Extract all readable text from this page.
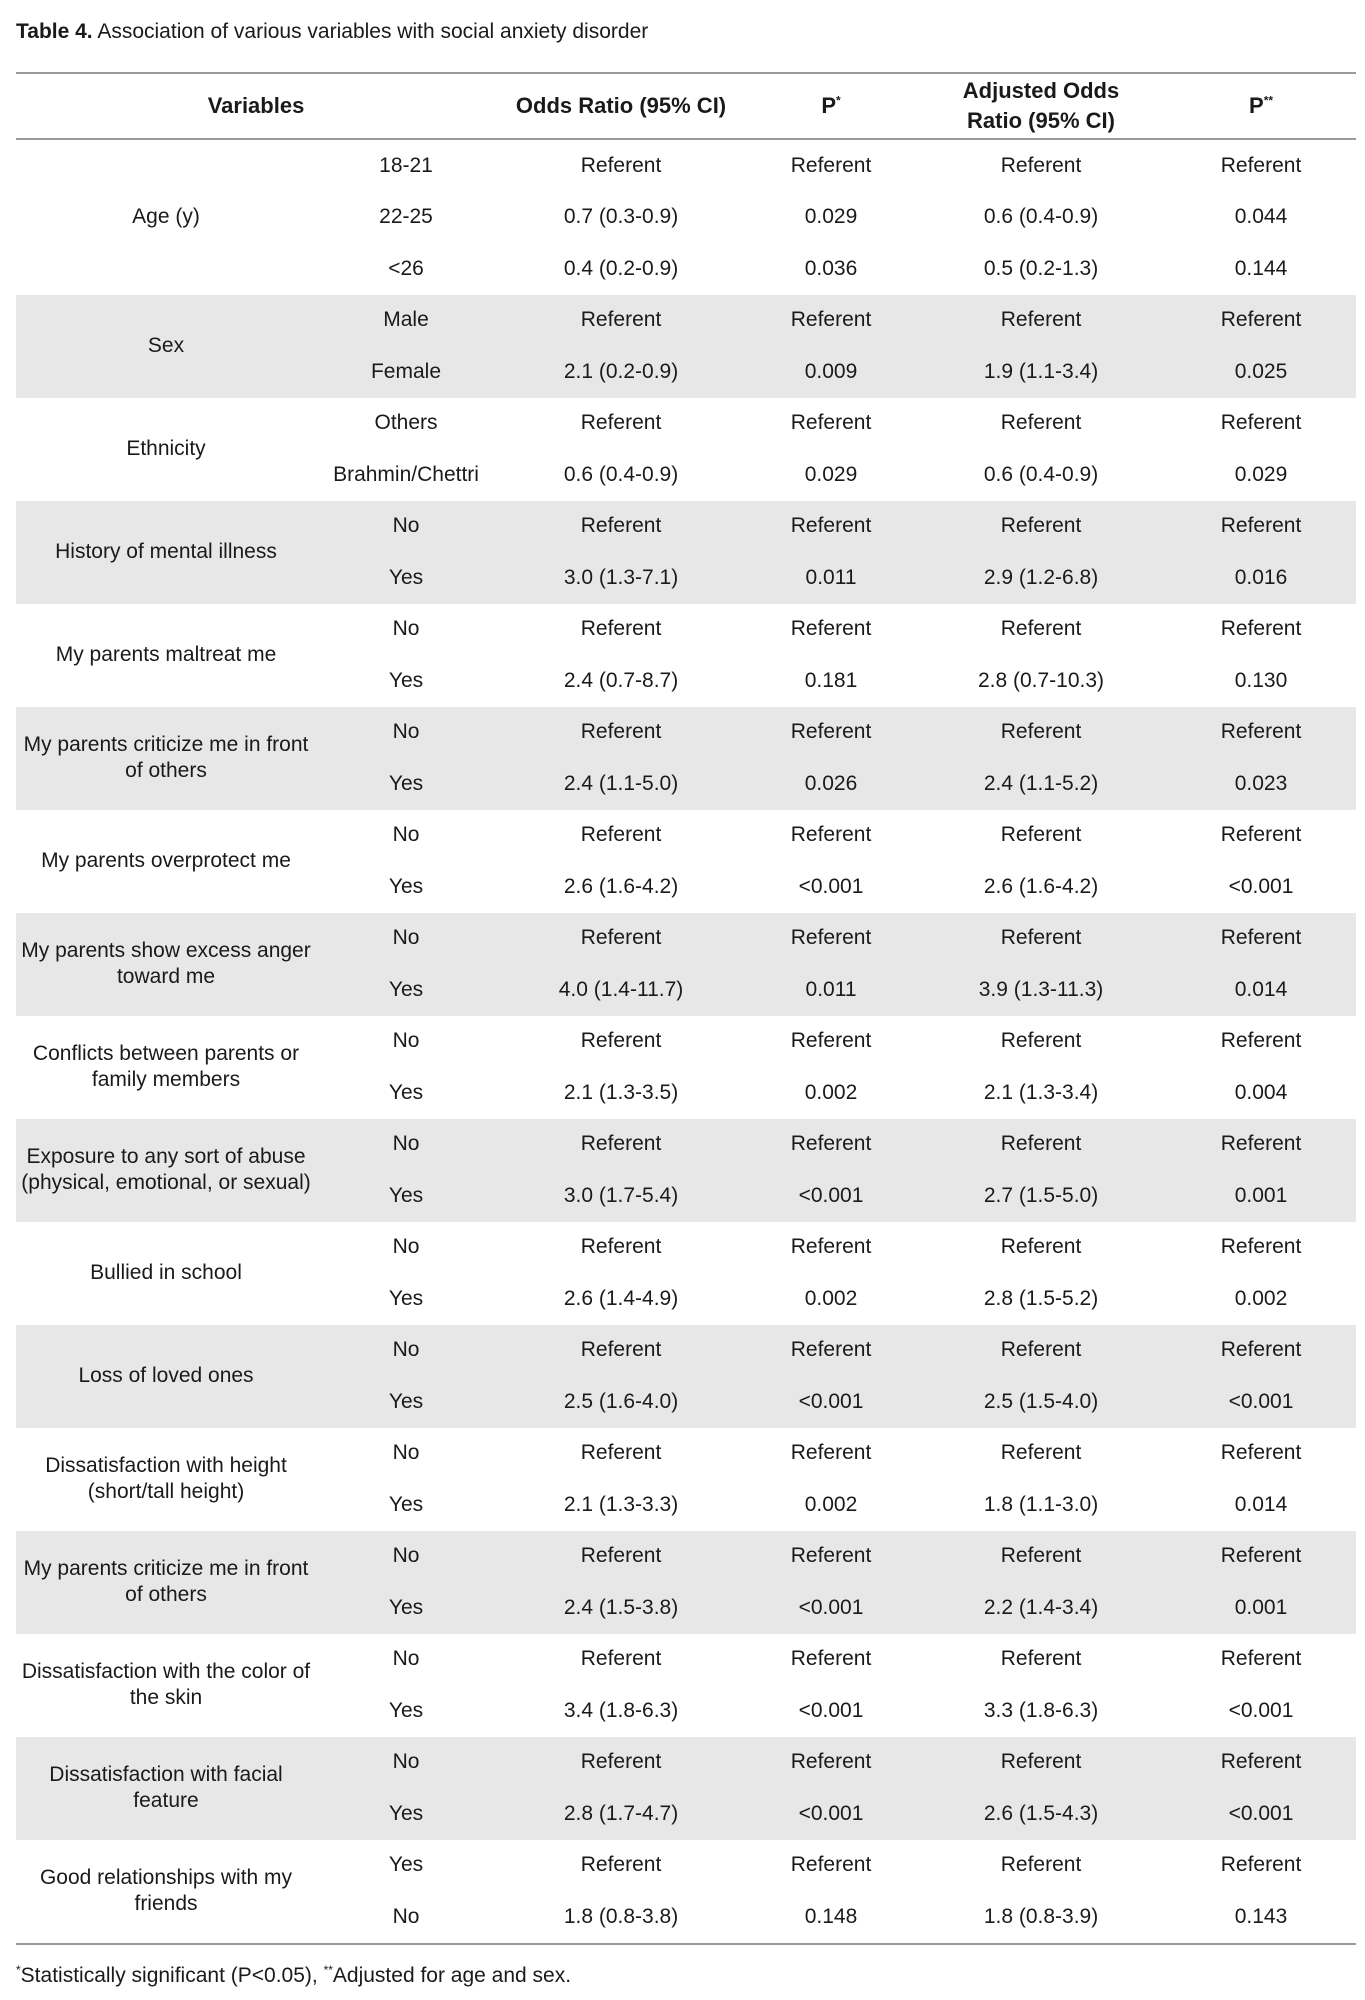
Table 4. Association of various variables with social anxiety disorder
Variables		Odds Ratio (95% CI)	P*	Adjusted Odds
Ratio (95% CI)	P**
Age (y)	18-21	Referent	Referent	Referent	Referent
	22-25	0.7 (0.3-0.9)	0.029	0.6 (0.4-0.9)	0.044
	<26	0.4 (0.2-0.9)	0.036	0.5 (0.2-1.3)	0.144
Sex	Male	Referent	Referent	Referent	Referent
	Female	2.1 (0.2-0.9)	0.009	1.9 (1.1-3.4)	0.025
Ethnicity	Others	Referent	Referent	Referent	Referent
	Brahmin/Chettri	0.6 (0.4-0.9)	0.029	0.6 (0.4-0.9)	0.029
History of mental illness	No	Referent	Referent	Referent	Referent
	Yes	3.0 (1.3-7.1)	0.011	2.9 (1.2-6.8)	0.016
My parents maltreat me	No	Referent	Referent	Referent	Referent
	Yes	2.4 (0.7-8.7)	0.181	2.8 (0.7-10.3)	0.130
My parents criticize me in front of others	No	Referent	Referent	Referent	Referent
	Yes	2.4 (1.1-5.0)	0.026	2.4 (1.1-5.2)	0.023
My parents overprotect me	No	Referent	Referent	Referent	Referent
	Yes	2.6 (1.6-4.2)	<0.001	2.6 (1.6-4.2)	<0.001
My parents show excess anger toward me	No	Referent	Referent	Referent	Referent
	Yes	4.0 (1.4-11.7)	0.011	3.9 (1.3-11.3)	0.014
Conflicts between parents or family members	No	Referent	Referent	Referent	Referent
	Yes	2.1 (1.3-3.5)	0.002	2.1 (1.3-3.4)	0.004
Exposure to any sort of abuse (physical, emotional, or sexual)	No	Referent	Referent	Referent	Referent
	Yes	3.0 (1.7-5.4)	<0.001	2.7 (1.5-5.0)	0.001
Bullied in school	No	Referent	Referent	Referent	Referent
	Yes	2.6 (1.4-4.9)	0.002	2.8 (1.5-5.2)	0.002
Loss of loved ones	No	Referent	Referent	Referent	Referent
	Yes	2.5 (1.6-4.0)	<0.001	2.5 (1.5-4.0)	<0.001
Dissatisfaction with height (short/tall height)	No	Referent	Referent	Referent	Referent
	Yes	2.1 (1.3-3.3)	0.002	1.8 (1.1-3.0)	0.014
My parents criticize me in front of others	No	Referent	Referent	Referent	Referent
	Yes	2.4 (1.5-3.8)	<0.001	2.2 (1.4-3.4)	0.001
Dissatisfaction with the color of the skin	No	Referent	Referent	Referent	Referent
	Yes	3.4 (1.8-6.3)	<0.001	3.3 (1.8-6.3)	<0.001
Dissatisfaction with facial feature	No	Referent	Referent	Referent	Referent
	Yes	2.8 (1.7-4.7)	<0.001	2.6 (1.5-4.3)	<0.001
Good relationships with my friends	Yes	Referent	Referent	Referent	Referent
	No	1.8 (0.8-3.8)	0.148	1.8 (0.8-3.9)	0.143
*Statistically significant (P<0.05), **Adjusted for age and sex.
